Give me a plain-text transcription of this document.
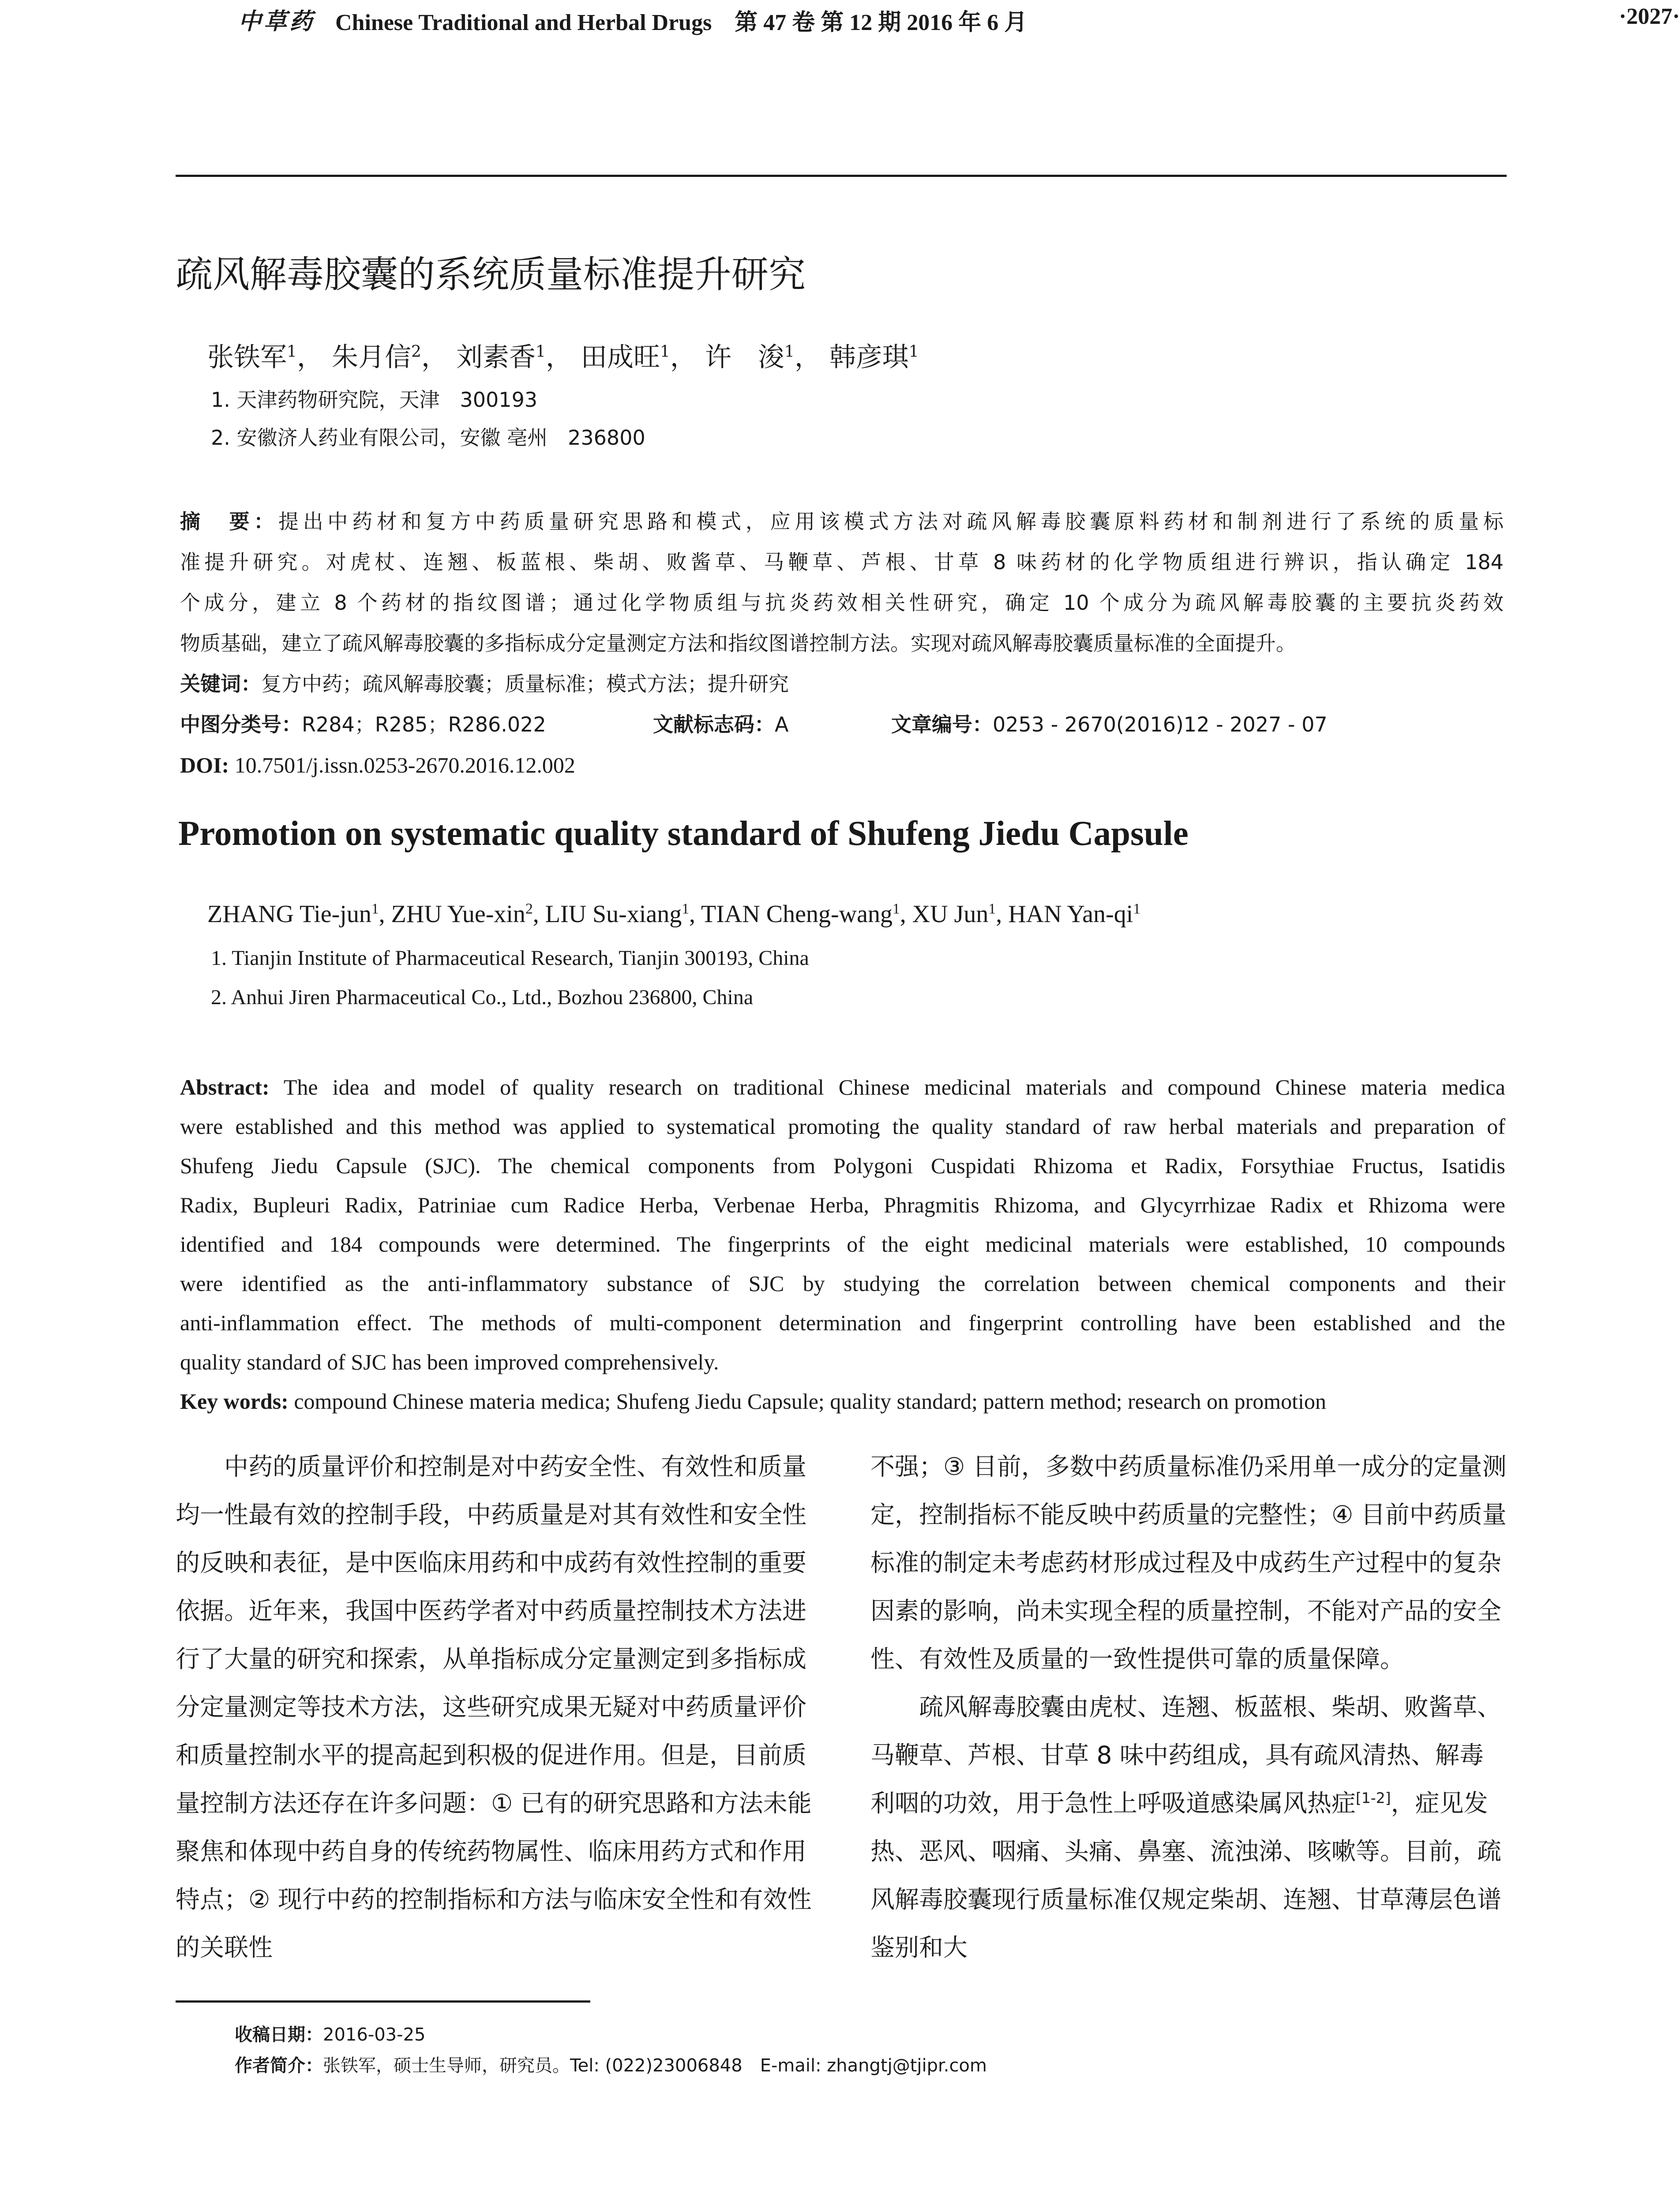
中草药 Chinese Traditional and Herbal Drugs　第 47 卷 第 12 期 2016 年 6 月	·2027·
疏风解毒胶囊的系统质量标准提升研究
张铁军$^1$， 朱月信$^2$， 刘素香$^1$， 田成旺$^1$， 许　浚$^1$， 韩彦琪$^1$
1. 天津药物研究院，天津　300193
2. 安徽济人药业有限公司，安徽 亳州　236800
摘　要：提出中药材和复方中药质量研究思路和模式，应用该模式方法对疏风解毒胶囊原料药材和制剂进行了系统的质量标
准提升研究。对虎杖、连翘、板蓝根、柴胡、败酱草、马鞭草、芦根、甘草 8 味药材的化学物质组进行辨识，指认确定 184
个成分，建立 8 个药材的指纹图谱；通过化学物质组与抗炎药效相关性研究，确定 10 个成分为疏风解毒胶囊的主要抗炎药效
物质基础，建立了疏风解毒胶囊的多指标成分定量测定方法和指纹图谱控制方法。实现对疏风解毒胶囊质量标准的全面提升。
关键词：复方中药；疏风解毒胶囊；质量标准；模式方法；提升研究
中图分类号：R284；R285；R286.022	文献标志码：A	文章编号：0253 - 2670(2016)12 - 2027 - 07
DOI: 10.7501/j.issn.0253-2670.2016.12.002
Promotion on systematic quality standard of Shufeng Jiedu Capsule
ZHANG Tie-jun$^1$, ZHU Yue-xin$^2$, LIU Su-xiang$^1$, TIAN Cheng-wang$^1$, XU Jun$^1$, HAN Yan-$qi^1$
1. Tianjin Institute of Pharmaceutical Research, Tianjin 300193, China
2. Anhui Jiren Pharmaceutical Co., Ltd., Bozhou 236800, China
Abstract: The idea and model of quality research on traditional Chinese medicinal materials and compound Chinese materia medica
were established and this method was applied to systematical promoting the quality standard of raw herbal materials and preparation of
Shufeng Jiedu Capsule (SJC). The chemical components from Polygoni Cuspidati Rhizoma et Radix, Forsythiae Fructus, Isatidis
Radix, Bupleuri Radix, Patriniae cum Radice Herba, Verbenae Herba, Phragmitis Rhizoma, and Glycyrrhizae Radix et Rhizoma were
identified and 184 compounds were determined. The fingerprints of the eight medicinal materials were established, 10 compounds
were identified as the anti-inflammatory substance of SJC by studying the correlation between chemical components and their
anti-inflammation effect. The methods of multi-component determination and fingerprint controlling have been established and the
quality standard of SJC has been improved comprehensively.
Key words: compound Chinese materia medica; Shufeng Jiedu Capsule; quality standard; pattern method; research on promotion

中药的质量评价和控制是对中药安全性、有效性和质量均一性最有效的控制手段，中药质量是对其有效性和安全性的反映和表征，是中医临床用药和中成药有效性控制的重要依据。近年来，我国中医药学者对中药质量控制技术方法进行了大量的研究和探索，从单指标成分定量测定到多指标成分定量测定等技术方法，这些研究成果无疑对中药质量评价和质量控制水平的提高起到积极的促进作用。但是，目前质量控制方法还存在许多问题：① 已有的研究思路和方法未能聚焦和体现中药自身的传统药物属性、临床用药方式和作用特点；② 现行中药的控制指标和方法与临床安全性和有效性的关联性

不强；③ 目前，多数中药质量标准仍采用单一成分的定量测定，控制指标不能反映中药质量的完整性；④ 目前中药质量标准的制定未考虑药材形成过程及中成药生产过程中的复杂因素的影响，尚未实现全程的质量控制，不能对产品的安全性、有效性及质量的一致性提供可靠的质量保障。

疏风解毒胶囊由虎杖、连翘、板蓝根、柴胡、败酱草、马鞭草、芦根、甘草 8 味中药组成，具有疏风清热、解毒利咽的功效，用于急性上呼吸道感染属风热症[1-2]，症见发热、恶风、咽痛、头痛、鼻塞、流浊涕、咳嗽等。目前，疏风解毒胶囊现行质量标准仅规定柴胡、连翘、甘草薄层色谱鉴别和大

收稿日期：2016-03-25
作者简介：张铁军，硕士生导师，研究员。Tel: (022)23006848　E-mail: zhangtj@tjipr.com
